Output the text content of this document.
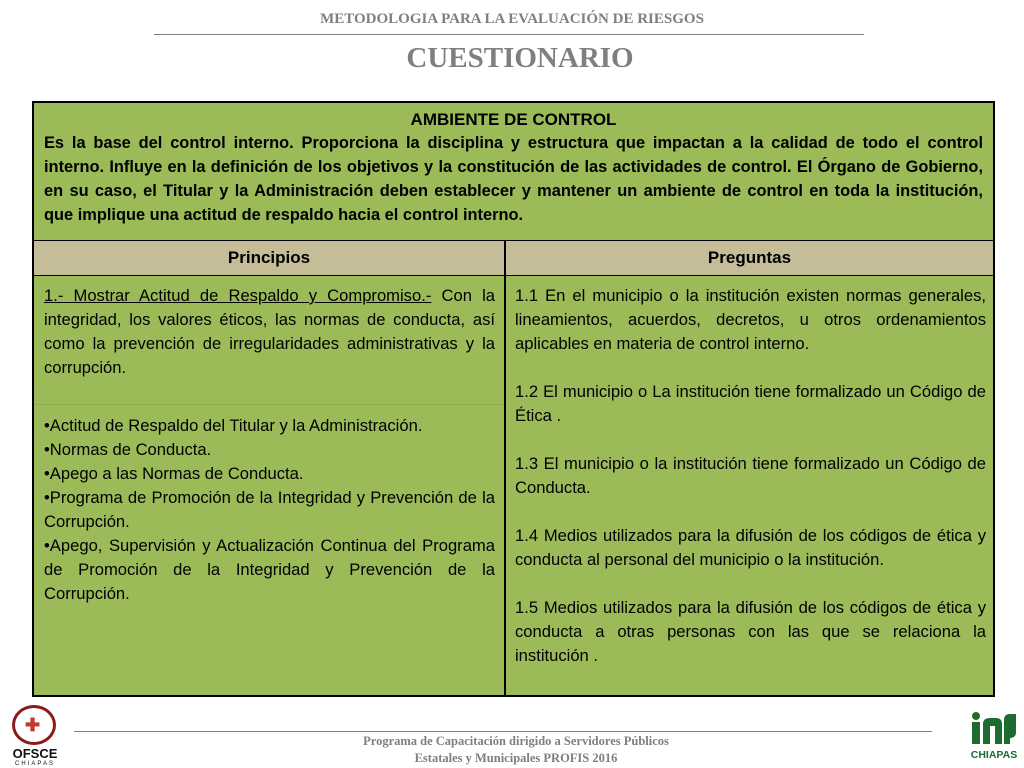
METODOLOGIA PARA LA EVALUACIÓN DE RIESGOS
CUESTIONARIO
AMBIENTE DE CONTROL
Es la base del control interno. Proporciona la disciplina y estructura que impactan a la calidad de todo el control interno. Influye en la definición de los objetivos y la constitución de las actividades de control. El Órgano de Gobierno, en su caso, el Titular y la Administración deben establecer y mantener un ambiente de control en toda la institución, que implique una actitud de respaldo hacia el control interno.
Principios	Preguntas

1.- Mostrar Actitud de Respaldo y Compromiso.- Con la integridad, los valores éticos, las normas de conducta, así como la prevención de irregularidades administrativas y la corrupción.

•Actitud de Respaldo del Titular y la Administración.
•Normas de Conducta.
•Apego a las Normas de Conducta.
•Programa de Promoción de la Integridad y Prevención de la Corrupción.
•Apego, Supervisión y Actualización Continua del Programa de Promoción de la Integridad y Prevención de la Corrupción.

1.1 En el municipio o la institución existen normas generales, lineamientos, acuerdos, decretos, u otros ordenamientos aplicables en materia de control interno.

1.2 El municipio o La institución tiene formalizado un Código de Ética .

1.3 El municipio o la institución tiene formalizado un Código de Conducta.

1.4 Medios utilizados para la difusión de los códigos de ética y conducta al personal del municipio o la institución.

1.5 Medios utilizados para la difusión de los códigos de ética y conducta a otras personas con las que se relaciona la institución .

Programa de Capacitación dirigido a Servidores Públicos
Estatales y Municipales PROFIS 2016
✚
OFSCE
CHIAPAS
CHIAPAS
